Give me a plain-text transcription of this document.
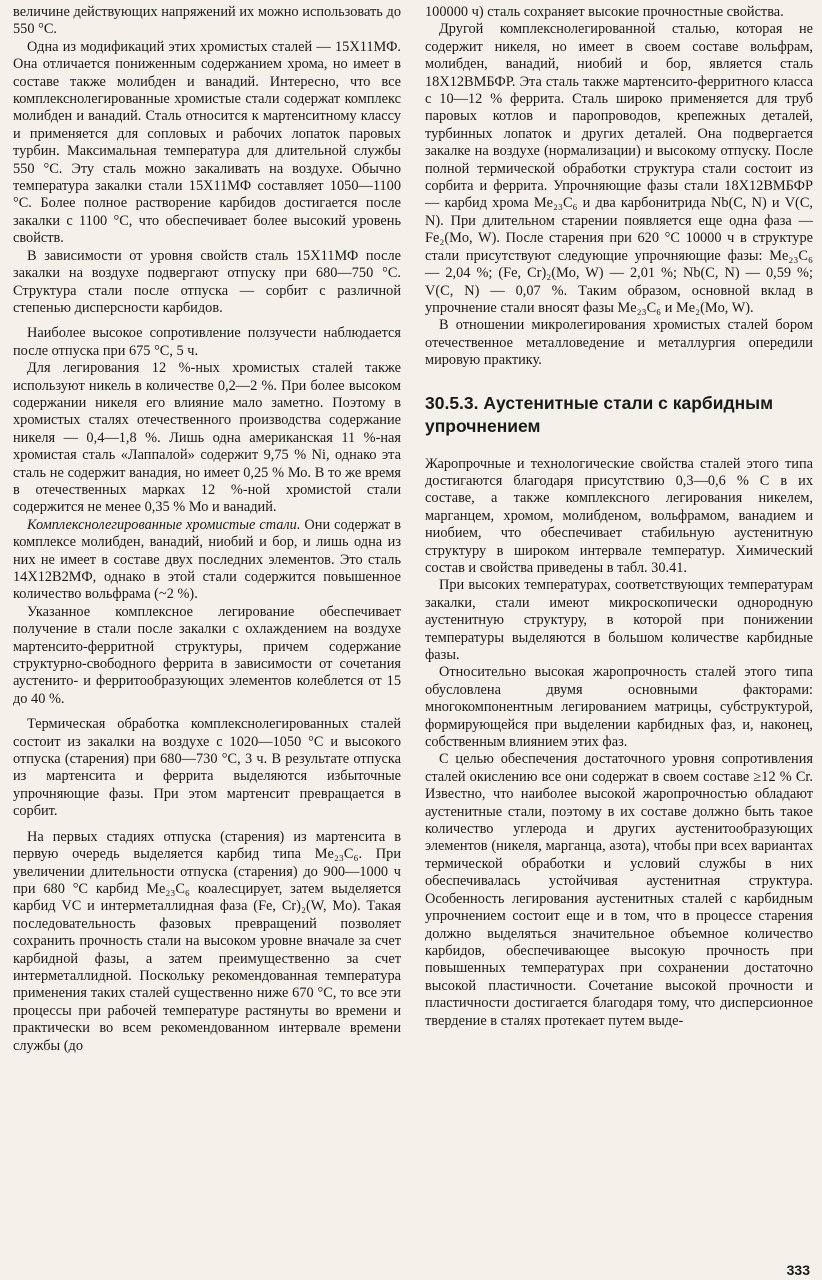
величине действующих напряжений их можно использовать до 550 °С.

Одна из модификаций этих хромистых сталей — 15Х11МФ. Она отличается пониженным содержанием хрома, но имеет в составе также молибден и ванадий. Интересно, что все комплекснолегированные хромистые стали содержат комплекс молибден и ванадий. Сталь относится к мартенситному классу и применяется для сопловых и рабочих лопаток паровых турбин. Максимальная температура для длительной службы 550 °С. Эту сталь можно закаливать на воздухе. Обычно температура закалки стали 15Х11МФ составляет 1050—1100 °С. Более полное растворение карбидов достигается после закалки с 1100 °С, что обеспечивает более высокий уровень свойств.

В зависимости от уровня свойств сталь 15Х11МФ после закалки на воздухе подвергают отпуску при 680—750 °С. Структура стали после отпуска — сорбит с различной степенью дисперсности карбидов.

Наиболее высокое сопротивление ползучести наблюдается после отпуска при 675 °С, 5 ч.

Для легирования 12 %-ных хромистых сталей также используют никель в количестве 0,2—2 %. При более высоком содержании никеля его влияние мало заметно. Поэтому в хромистых сталях отечественного производства содержание никеля — 0,4—1,8 %. Лишь одна американская 11 %-ная хромистая сталь «Лаппалой» содержит 9,75 % Ni, однако эта сталь не содержит ванадия, но имеет 0,25 % Мо. В то же время в отечественных марках 12 %-ной хромистой стали содержится не менее 0,35 % Мо и ванадий.

Комплекснолегированные хромистые стали. Они содержат в комплексе молибден, ванадий, ниобий и бор, и лишь одна из них не имеет в составе двух последних элементов. Это сталь 14Х12В2МФ, однако в этой стали содержится повышенное количество вольфрама (~2 %).

Указанное комплексное легирование обеспечивает получение в стали после закалки с охлаждением на воздухе мартенсито-ферритной структуры, причем содержание структурно-свободного феррита в зависимости от сочетания аустенито- и ферритообразующих элементов колеблется от 15 до 40 %.

Термическая обработка комплекснолегированных сталей состоит из закалки на воздухе с 1020—1050 °С и высокого отпуска (старения) при 680—730 °С, 3 ч. В результате отпуска из мартенсита и феррита выделяются избыточные упрочняющие фазы. При этом мартенсит превращается в сорбит.

На первых стадиях отпуска (старения) из мартенсита в первую очередь выделяется карбид типа Me₂₃C₆. При увеличении длительности отпуска (старения) до 900—1000 ч при 680 °С карбид Me₂₃C₆ коалесцирует, затем выделяется карбид VC и интерметаллидная фаза (Fe, Cr)₂(W, Mo). Такая последовательность фазовых превращений позволяет сохранить прочность стали на высоком уровне вначале за счет карбидной фазы, а затем преимущественно за счет интерметаллидной. Поскольку рекомендованная температура применения таких сталей существенно ниже 670 °С, то все эти процессы при рабочей температуре растянуты во времени и практически во всем рекомендованном интервале времени службы (до

100000 ч) сталь сохраняет высокие прочностные свойства.

Другой комплекснолегированной сталью, которая не содержит никеля, но имеет в своем составе вольфрам, молибден, ванадий, ниобий и бор, является сталь 18Х12ВМБФР. Эта сталь также мартенсито-ферритного класса с 10—12 % феррита. Сталь широко применяется для труб паровых котлов и паропроводов, крепежных деталей, турбинных лопаток и других деталей. Она подвергается закалке на воздухе (нормализации) и высокому отпуску. После полной термической обработки структура стали состоит из сорбита и феррита. Упрочняющие фазы стали 18Х12ВМБФР — карбид хрома Me₂₃C₆ и два карбонитрида Nb(C, N) и V(C, N). При длительном старении появляется еще одна фаза — Fe₂(Mo, W). После старения при 620 °С 10000 ч в структуре стали присутствуют следующие упрочняющие фазы: Me₂₃C₆ — 2,04 %; (Fe, Cr)₂(Mo, W) — 2,01 %; Nb(C, N) — 0,59 %; V(C, N) — 0,07 %. Таким образом, основной вклад в упрочнение стали вносят фазы Me₂₃C₆ и Me₂(Mo, W).

В отношении микролегирования хромистых сталей бором отечественное металловедение и металлургия опередили мировую практику.

30.5.3. Аустенитные стали с карбидным упрочнением

Жаропрочные и технологические свойства сталей этого типа достигаются благодаря присутствию 0,3—0,6 % С в их составе, а также комплексного легирования никелем, марганцем, хромом, молибденом, вольфрамом, ванадием и ниобием, что обеспечивает стабильную аустенитную структуру в широком интервале температур. Химический состав и свойства приведены в табл. 30.41.

При высоких температурах, соответствующих температурам закалки, стали имеют микроскопически однородную аустенитную структуру, в которой при понижении температуры выделяются в большом количестве карбидные фазы.

Относительно высокая жаропрочность сталей этого типа обусловлена двумя основными факторами: многокомпонентным легированием матрицы, субструктурой, формирующейся при выделении карбидных фаз, и, наконец, собственным влиянием этих фаз.

С целью обеспечения достаточного уровня сопротивления сталей окислению все они содержат в своем составе ≥12 % Cr. Известно, что наиболее высокой жаропрочностью обладают аустенитные стали, поэтому в их составе должно быть такое количество углерода и других аустенитообразующих элементов (никеля, марганца, азота), чтобы при всех вариантах термической обработки и условий службы в них обеспечивалась устойчивая аустенитная структура. Особенность легирования аустенитных сталей с карбидным упрочнением состоит еще и в том, что в процессе старения должно выделяться значительное объемное количество карбидов, обеспечивающее высокую прочность при повышенных температурах при сохранении достаточно высокой пластичности. Сочетание высокой прочности и пластичности достигается благодаря тому, что дисперсионное твердение в сталях протекает путем выде-

333
